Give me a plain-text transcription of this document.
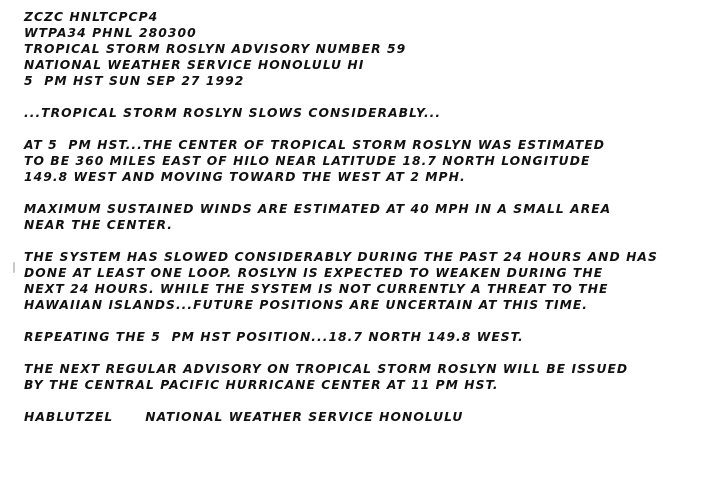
ZCZC HNLTCPCP4
WTPA34 PHNL 280300
TROPICAL STORM ROSLYN ADVISORY NUMBER 59
NATIONAL WEATHER SERVICE HONOLULU HI
5  PM HST SUN SEP 27 1992
...TROPICAL STORM ROSLYN SLOWS CONSIDERABLY...
AT 5  PM HST...THE CENTER OF TROPICAL STORM ROSLYN WAS ESTIMATED
TO BE 360 MILES EAST OF HILO NEAR LATITUDE 18.7 NORTH LONGITUDE
149.8 WEST AND MOVING TOWARD THE WEST AT 2 MPH.
MAXIMUM SUSTAINED WINDS ARE ESTIMATED AT 40 MPH IN A SMALL AREA
NEAR THE CENTER.
THE SYSTEM HAS SLOWED CONSIDERABLY DURING THE PAST 24 HOURS AND HAS
DONE AT LEAST ONE LOOP. ROSLYN IS EXPECTED TO WEAKEN DURING THE
NEXT 24 HOURS. WHILE THE SYSTEM IS NOT CURRENTLY A THREAT TO THE
HAWAIIAN ISLANDS...FUTURE POSITIONS ARE UNCERTAIN AT THIS TIME.
REPEATING THE 5  PM HST POSITION...18.7 NORTH 149.8 WEST.
THE NEXT REGULAR ADVISORY ON TROPICAL STORM ROSLYN WILL BE ISSUED
BY THE CENTRAL PACIFIC HURRICANE CENTER AT 11 PM HST.
HABLUTZEL      NATIONAL WEATHER SERVICE HONOLULU
